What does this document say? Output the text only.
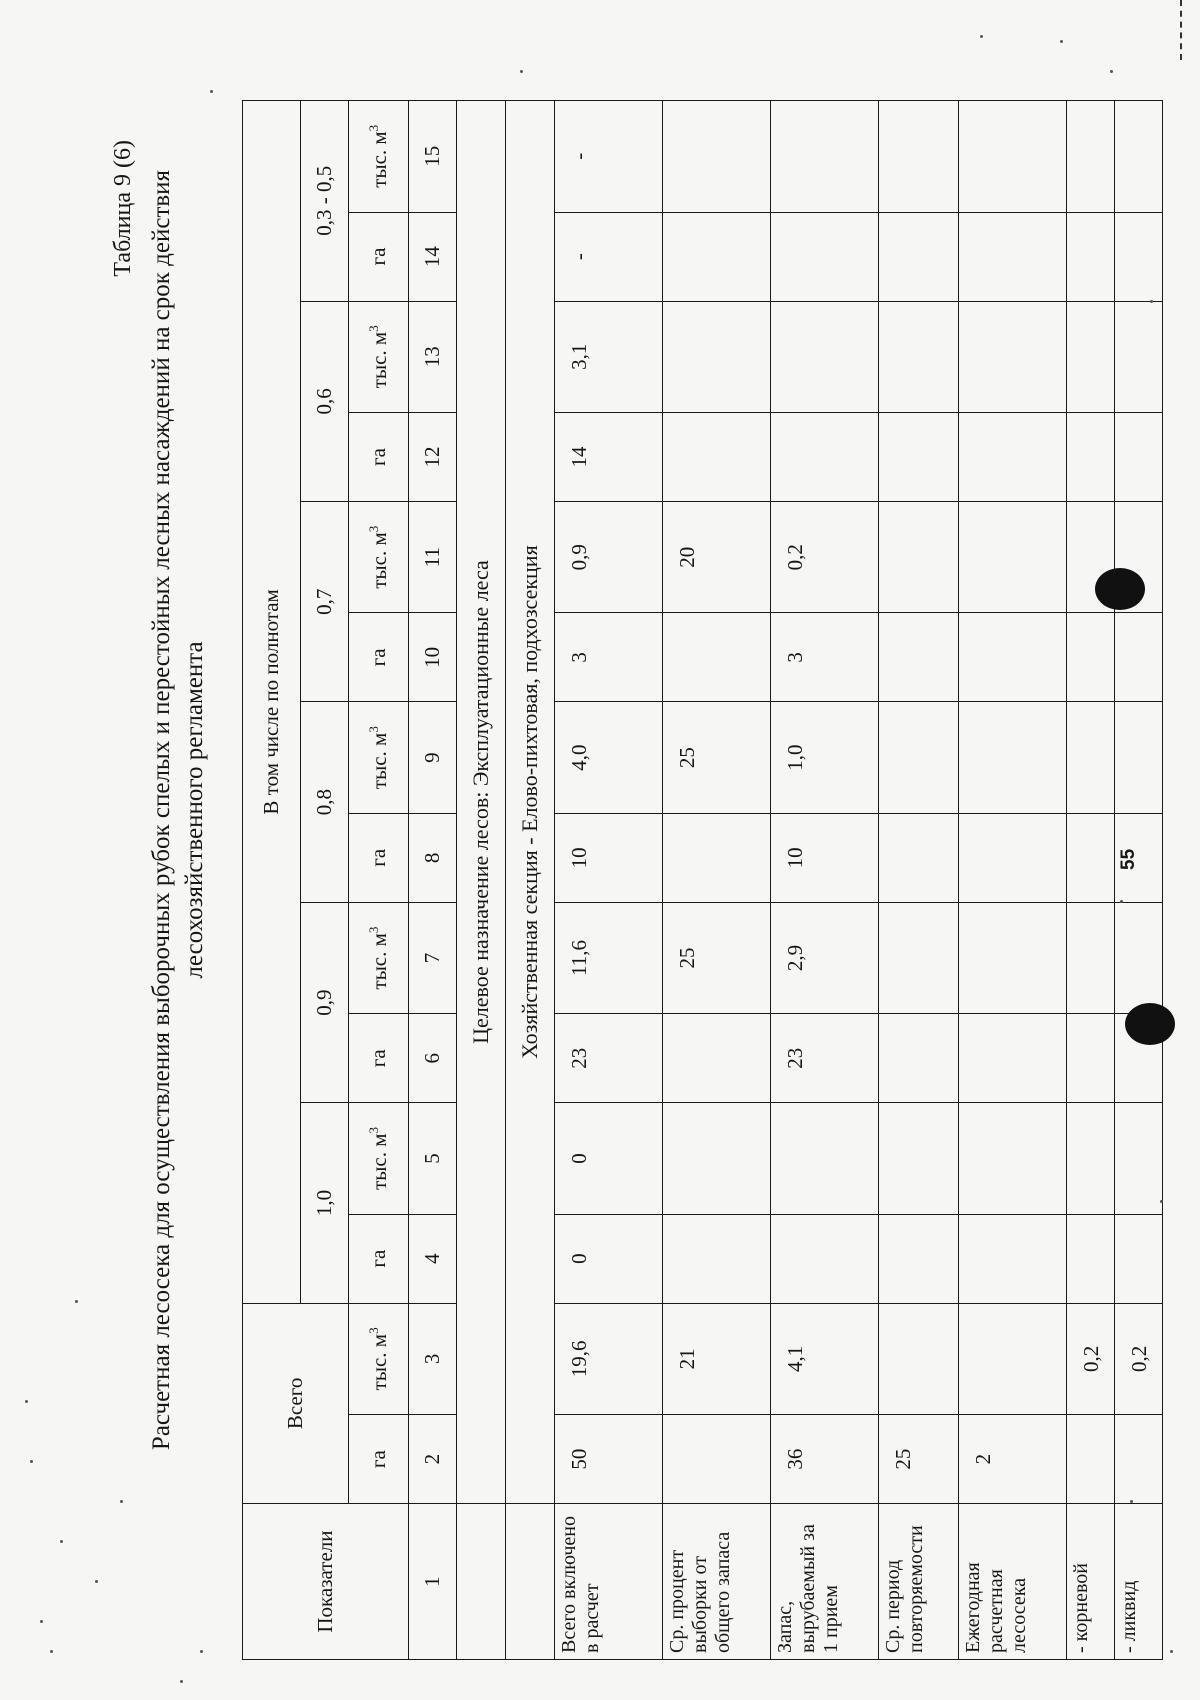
Таблица 9 (6) Расчетная лесосека для осуществления выборочных рубок спелых и перестойных лесных насаждений на срок действия лесохозяйственного регламента
Показатели	Всего		В том числе по полнотам											
			1,0		0,9		0,8		0,7		0,6		0,3 - 0,5	
	га	тыс. $м^3$	га	тыс. $м^3$	га	тыс. $м^3$	га	тыс. $м^3$	га	тыс. $м^3$	га	тыс. $м^3$	га	тыс. $м^3$
1	2	3	4	5	6	7	8	9	10	11	12	13	14	15
	Целевое назначение лесов: Эксплуатационные леса													
	Хозяйственная секция - Елово-пихтовая, подхозсекция													
Всего включено в расчет	50	19,6	0	0	23	11,6	10	4,0	3	0,9	14	3,1	-	-
Ср. процент выборки от общего запаса		21				25		25		20				
Запас, вырубаемый за 1 прием	36	4,1			23	2,9	10	1,0	3	0,2				
Ср. период повторяемости	25													
Ежегодная расчетная лесосека	2													
- корневой		0,2												
- ликвид		0,2												
55
